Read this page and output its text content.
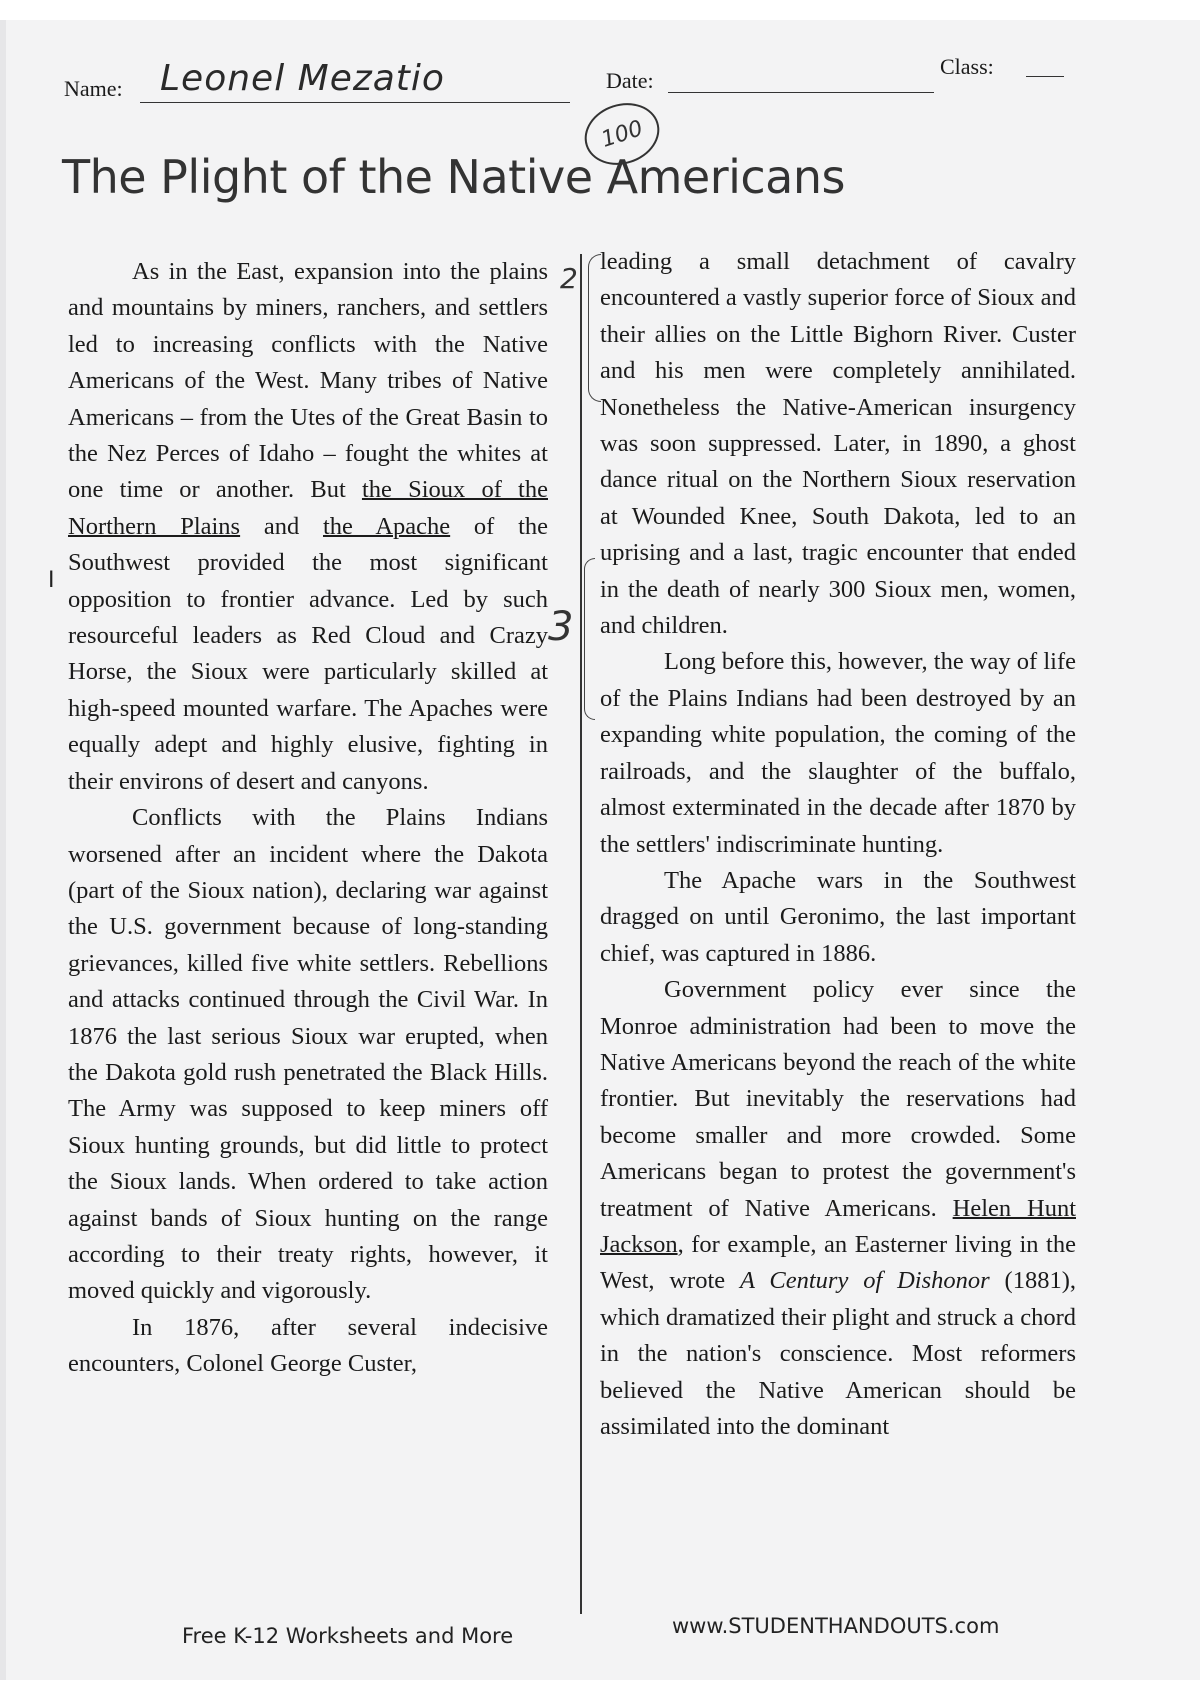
Name: Leonel Mezatio	Date:
Class:
100
The Plight of the Native Americans
I
2
3

As in the East, expansion into the plains and mountains by miners, ranchers, and settlers led to increasing conflicts with the Native Americans of the West. Many tribes of Native Americans – from the Utes of the Great Basin to the Nez Perces of Idaho – fought the whites at one time or another. But the Sioux of the Northern Plains and the Apache of the Southwest provided the most significant opposition to frontier advance. Led by such resourceful leaders as Red Cloud and Crazy Horse, the Sioux were particularly skilled at high-speed mounted warfare. The Apaches were equally adept and highly elusive, fighting in their environs of desert and canyons.

Conflicts with the Plains Indians worsened after an incident where the Dakota (part of the Sioux nation), declaring war against the U.S. government because of long-standing grievances, killed five white settlers. Rebellions and attacks continued through the Civil War. In 1876 the last serious Sioux war erupted, when the Dakota gold rush penetrated the Black Hills. The Army was supposed to keep miners off Sioux hunting grounds, but did little to protect the Sioux lands. When ordered to take action against bands of Sioux hunting on the range according to their treaty rights, however, it moved quickly and vigorously.

In 1876, after several indecisive encounters, Colonel George Custer,

leading a small detachment of cavalry encountered a vastly superior force of Sioux and their allies on the Little Bighorn River. Custer and his men were completely annihilated. Nonetheless the Native-American insurgency was soon suppressed. Later, in 1890, a ghost dance ritual on the Northern Sioux reservation at Wounded Knee, South Dakota, led to an uprising and a last, tragic encounter that ended in the death of nearly 300 Sioux men, women, and children.

Long before this, however, the way of life of the Plains Indians had been destroyed by an expanding white population, the coming of the railroads, and the slaughter of the buffalo, almost exterminated in the decade after 1870 by the settlers' indiscriminate hunting.

The Apache wars in the Southwest dragged on until Geronimo, the last important chief, was captured in 1886.

Government policy ever since the Monroe administration had been to move the Native Americans beyond the reach of the white frontier. But inevitably the reservations had become smaller and more crowded. Some Americans began to protest the government's treatment of Native Americans. Helen Hunt Jackson, for example, an Easterner living in the West, wrote A Century of Dishonor (1881), which dramatized their plight and struck a chord in the nation's conscience. Most reformers believed the Native American should be assimilated into the dominant

Free K-12 Worksheets and More	www.STUDENTHANDOUTS.com
